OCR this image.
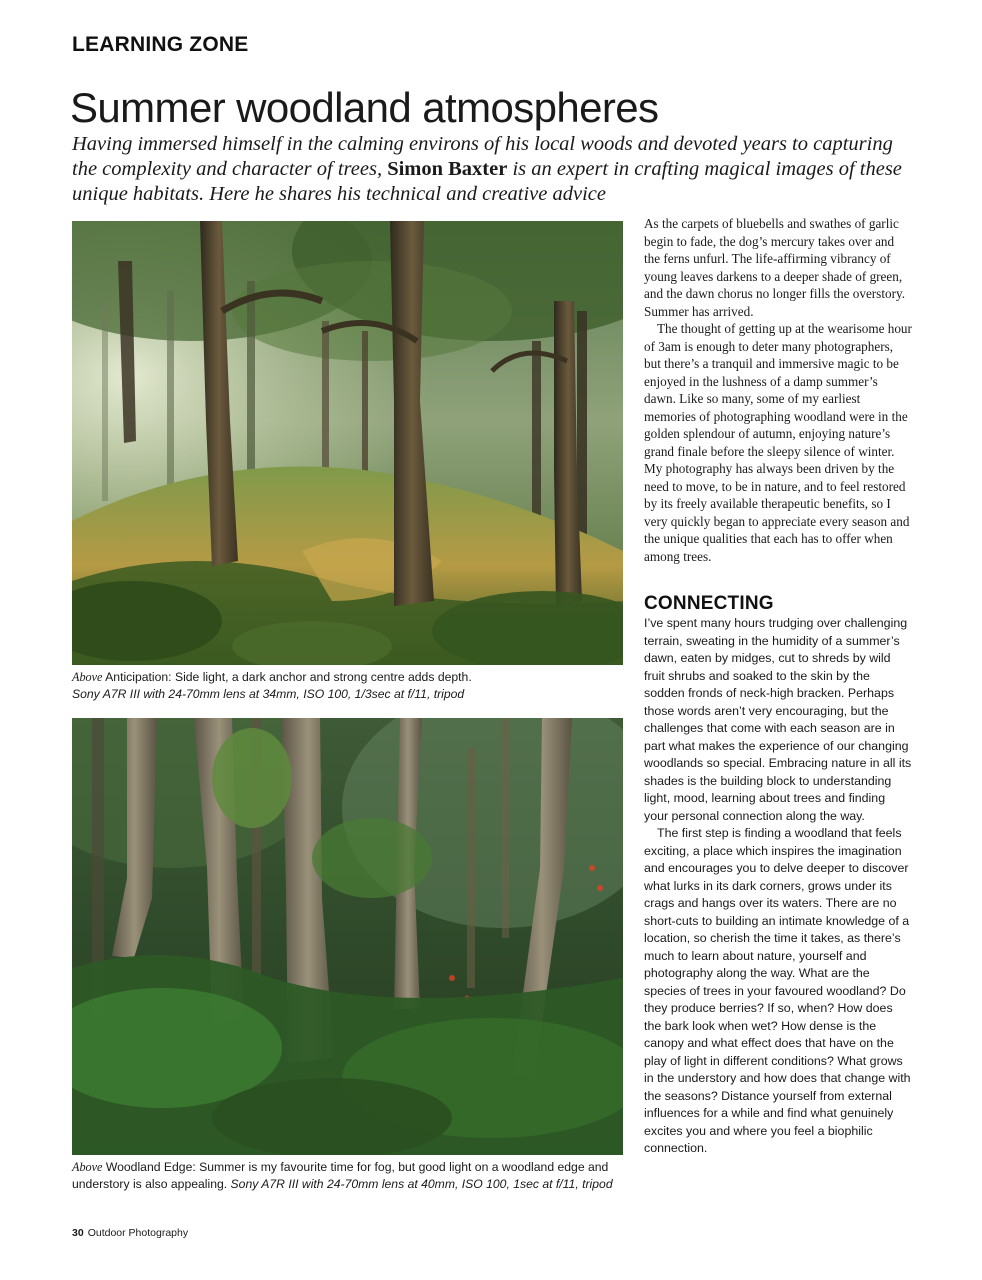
LEARNING ZONE
Summer woodland atmospheres

Having immersed himself in the calming environs of his local woods and devoted years to capturing the complexity and character of trees, Simon Baxter is an expert in crafting magical images of these unique habitats. Here he shares his technical and creative advice

Above Anticipation: Side light, a dark anchor and strong centre adds depth.
Sony A7R III with 24-70mm lens at 34mm, ISO 100, 1/3sec at f/11, tripod
Above Woodland Edge: Summer is my favourite time for fog, but good light on a woodland edge and understory is also appealing. Sony A7R III with 24-70mm lens at 40mm, ISO 100, 1sec at f/11, tripod

As the carpets of bluebells and swathes of garlic begin to fade, the dog’s mercury takes over and the ferns unfurl. The life-affirming vibrancy of young leaves darkens to a deeper shade of green, and the dawn chorus no longer fills the overstory. Summer has arrived.

The thought of getting up at the wearisome hour of 3am is enough to deter many photographers, but there’s a tranquil and immersive magic to be enjoyed in the lushness of a damp summer’s dawn. Like so many, some of my earliest memories of photographing woodland were in the golden splendour of autumn, enjoying nature’s grand finale before the sleepy silence of winter.

My photography has always been driven by the need to move, to be in nature, and to feel restored by its freely available therapeutic benefits, so I very quickly began to appreciate every season and the unique qualities that each has to offer when among trees.

CONNECTING

I’ve spent many hours trudging over challenging terrain, sweating in the humidity of a summer’s dawn, eaten by midges, cut to shreds by wild fruit shrubs and soaked to the skin by the sodden fronds of neck-high bracken. Perhaps those words aren’t very encouraging, but the challenges that come with each season are in part what makes the experience of our changing woodlands so special. Embracing nature in all its shades is the building block to understanding light, mood, learning about trees and finding your personal connection along the way.

The first step is finding a woodland that feels exciting, a place which inspires the imagination and encourages you to delve deeper to discover what lurks in its dark corners, grows under its crags and hangs over its waters. There are no short-cuts to building an intimate knowledge of a location, so cherish the time it takes, as there’s much to learn about nature, yourself and photography along the way. What are the species of trees in your favoured woodland? Do they produce berries? If so, when? How does the bark look when wet? How dense is the canopy and what effect does that have on the play of light in different conditions? What grows in the understory and how does that change with the seasons? Distance yourself from external influences for a while and find what genuinely excites you and where you feel a biophilic connection.

30 Outdoor Photography
